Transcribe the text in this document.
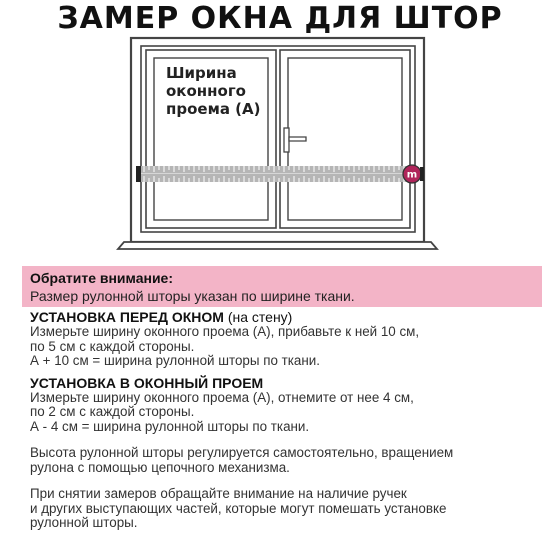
ЗАМЕР ОКНА ДЛЯ ШТОР
m
Ширина
оконного
проема (А)
Обратите внимание:
Размер рулонной шторы указан по ширине ткани.
УСТАНОВКА ПЕРЕД ОКНОМ (на стену)

Измерьте ширину оконного проема (А), прибавьте к ней 10 см,

по 5 см с каждой стороны.

А + 10 см = ширина рулонной шторы по ткани.

УСТАНОВКА В ОКОННЫЙ ПРОЕМ

Измерьте ширину оконного проема (А), отнемите от нее 4 см,

по 2 см с каждой стороны.

А - 4 см = ширина рулонной шторы по ткани.

Высота рулонной шторы регулируется самостоятельно, вращением

рулона с помощью цепочного механизма.

При снятии замеров обращайте внимание на наличие ручек

и других выступающих частей, которые могут помешать установке

рулонной шторы.
